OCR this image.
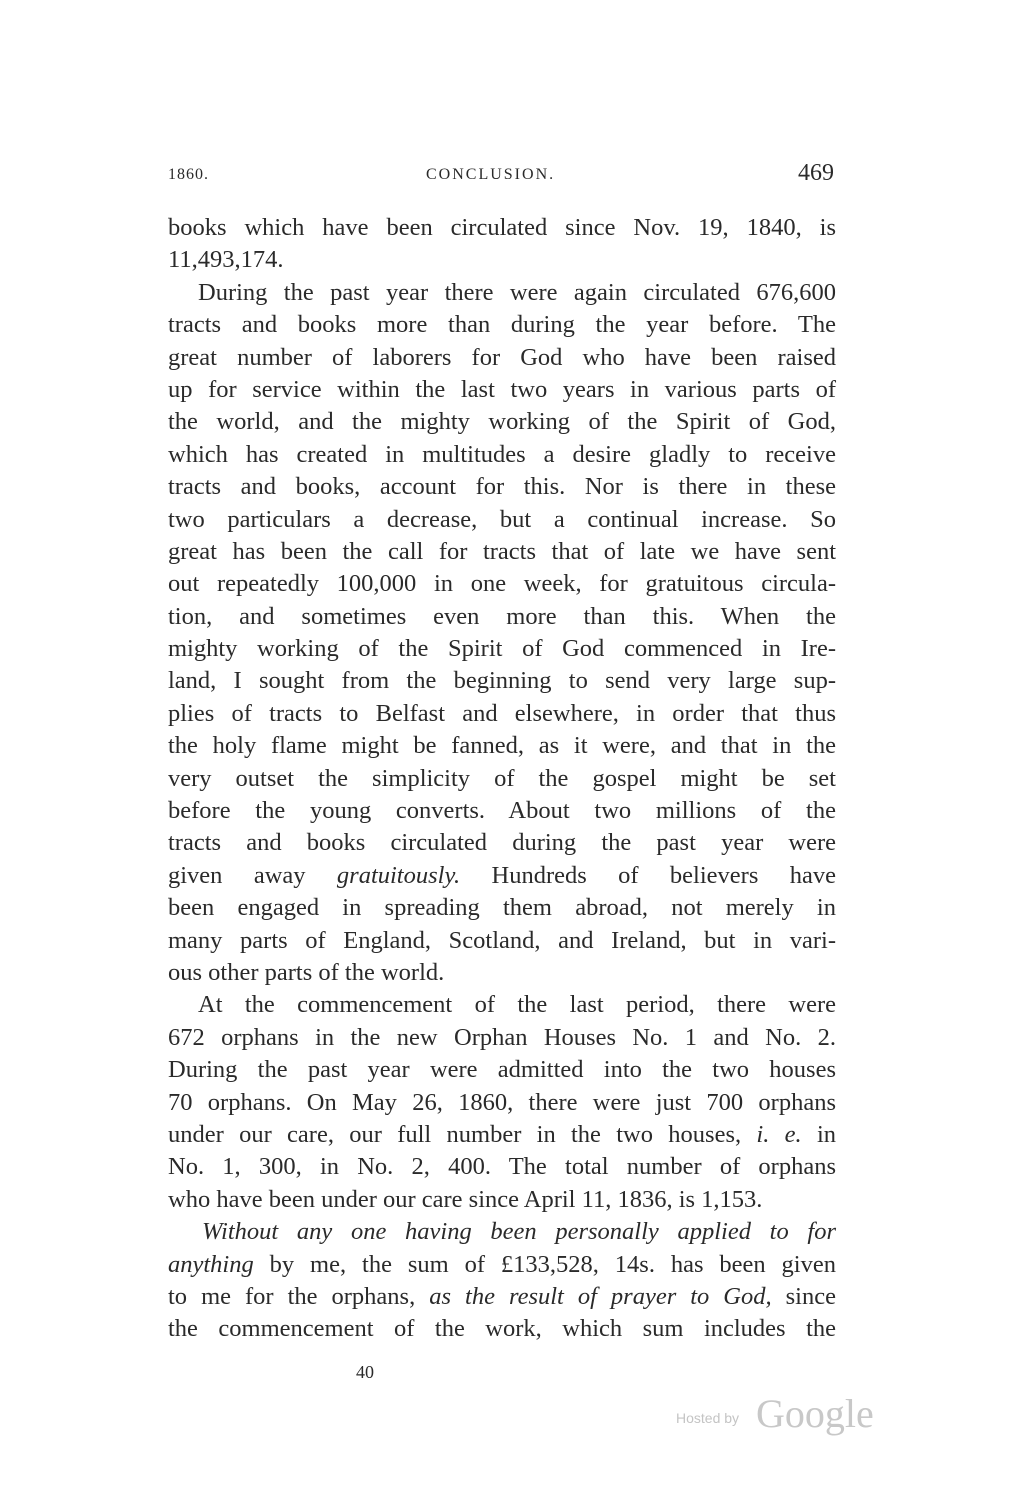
1860.	CONCLUSION.	469
books which have been circulated since Nov. 19, 1840, is
11,493,174.
During the past year there were again circulated 676,600
tracts and books more than during the year before. The
great number of laborers for God who have been raised
up for service within the last two years in various parts of
the world, and the mighty working of the Spirit of God,
which has created in multitudes a desire gladly to receive
tracts and books, account for this. Nor is there in these
two particulars a decrease, but a continual increase. So
great has been the call for tracts that of late we have sent
out repeatedly 100,000 in one week, for gratuitous circula-
tion, and sometimes even more than this. When the
mighty working of the Spirit of God commenced in Ire-
land, I sought from the beginning to send very large sup-
plies of tracts to Belfast and elsewhere, in order that thus
the holy flame might be fanned, as it were, and that in the
very outset the simplicity of the gospel might be set
before the young converts. About two millions of the
tracts and books circulated during the past year were
given away gratuitously. Hundreds of believers have
been engaged in spreading them abroad, not merely in
many parts of England, Scotland, and Ireland, but in vari-
ous other parts of the world.
At the commencement of the last period, there were
672 orphans in the new Orphan Houses No. 1 and No. 2.
During the past year were admitted into the two houses
70 orphans. On May 26, 1860, there were just 700 orphans
under our care, our full number in the two houses, i. e. in
No. 1, 300, in No. 2, 400. The total number of orphans
who have been under our care since April 11, 1836, is 1,153.
Without any one having been personally applied to for
anything by me, the sum of £133,528, 14s. has been given
to me for the orphans, as the result of prayer to God, since
the commencement of the work, which sum includes the
40
Hosted by Google
